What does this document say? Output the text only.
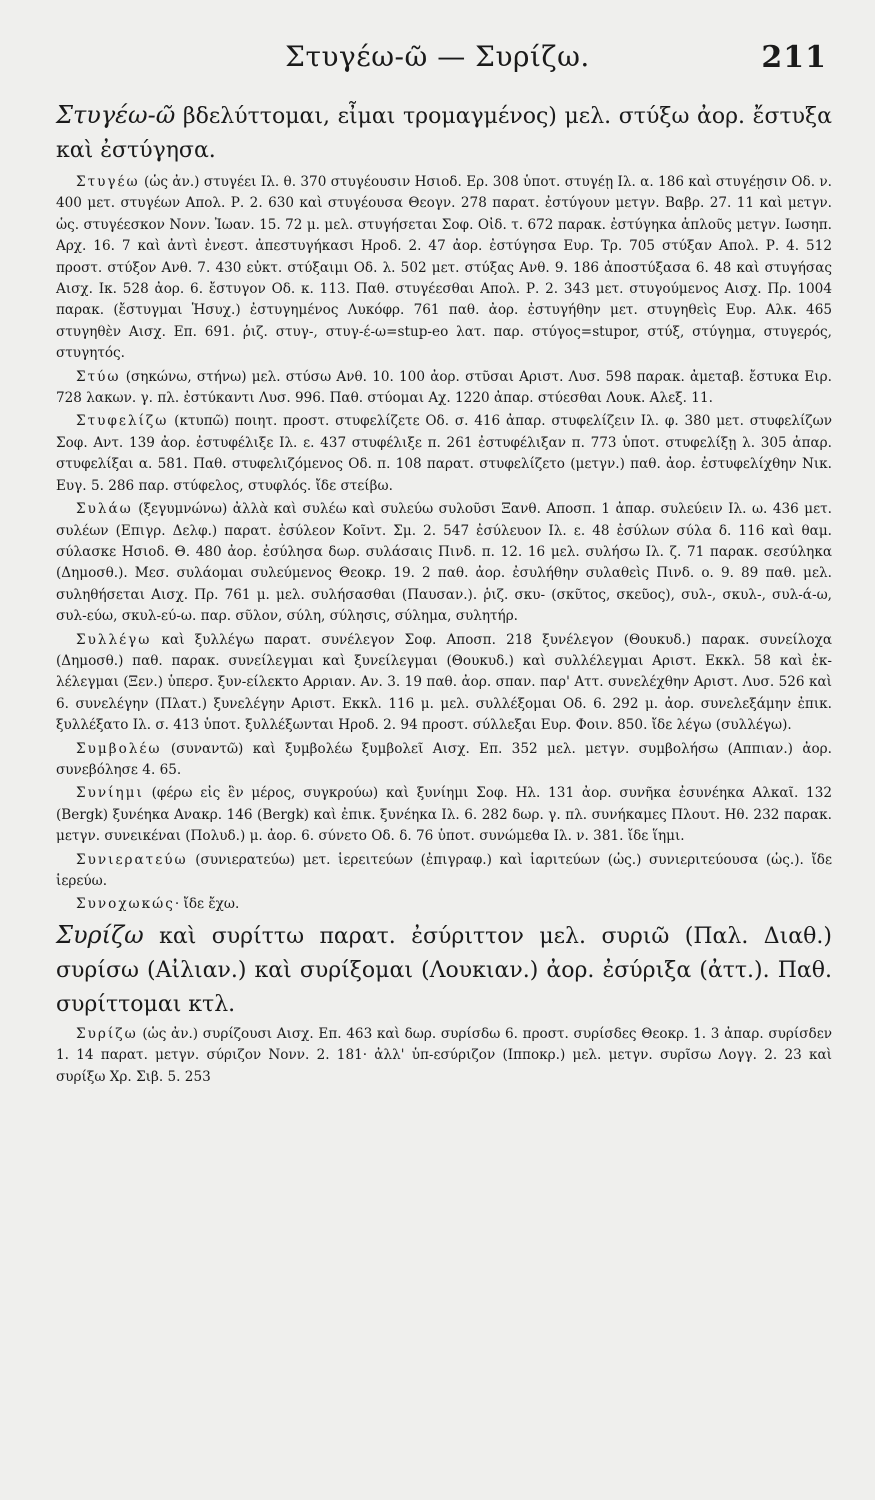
Στυγέω-ῶ — Συρίζω.	211

Στυγέω-ῶ βδελύττομαι, εἶμαι τρομαγμένος) μελ. στύξω ἀορ. ἔστυξα καὶ ἐστύγησα.

Στυγέω (ὡς ἀν.) στυγέει Ιλ. θ. 370 στυγέουσιν Ησιοδ. Ερ. 308 ὑποτ. στυγέῃ Ιλ. α. 186 καὶ στυγέῃσιν Οδ. ν. 400 μετ. στυγέων Απολ. Ρ. 2. 630 καὶ στυγέουσα Θεογν. 278 παρατ. ἐστύγουν μετγν. Βαβρ. 27. 11 καὶ μετγν. ὡς. στυγέεσκον Νονν. Ἰωαν. 15. 72 μ. μελ. στυγήσεται Σοφ. Οἰδ. τ. 672 παρακ. ἐστύγηκα ἁπλοῦς μετγν. Ιωσηπ. Αρχ. 16. 7 καὶ ἀντὶ ἐνεστ. ἀπεστυγήκασι Ηροδ. 2. 47 ἀορ. ἐστύγησα Ευρ. Τρ. 705 στύξαν Απολ. Ρ. 4. 512 προστ. στύξον Ανθ. 7. 430 εὐκτ. στύξαιμι Οδ. λ. 502 μετ. στύξας Ανθ. 9. 186 ἀποστύξασα 6. 48 καὶ στυγήσας Αισχ. Ικ. 528 ἀορ. 6. ἔστυγον Οδ. κ. 113. Παθ. στυγέεσθαι Απολ. Ρ. 2. 343 μετ. στυγούμενος Αισχ. Πρ. 1004 παρακ. (ἔστυγμαι Ἡσυχ.) ἐστυγημένος Λυκόφρ. 761 παθ. ἀορ. ἐστυγήθην μετ. στυγηθεὶς Ευρ. Αλκ. 465 στυγηθὲν Αισχ. Επ. 691. ῥιζ. στυγ-, στυγ-έ-ω=stup-eo λατ. παρ. στύγος=stupor, στύξ, στύγημα, στυγερός, στυγητός.

Στύω (σηκώνω, στήνω) μελ. στύσω Ανθ. 10. 100 ἀορ. στῦσαι Αριστ. Λυσ. 598 παρακ. ἀμεταβ. ἔστυκα Ειρ. 728 λακων. γ. πλ. ἐστύκαντι Λυσ. 996. Παθ. στύομαι Αχ. 1220 ἀπαρ. στύεσθαι Λουκ. Αλεξ. 11.

Στυφελίζω (κτυπῶ) ποιητ. προστ. στυφελίζετε Οδ. σ. 416 ἀπαρ. στυφελίζειν Ιλ. φ. 380 μετ. στυφελίζων Σοφ. Αντ. 139 ἀορ. ἐστυφέλιξε Ιλ. ε. 437 στυφέλιξε π. 261 ἐστυφέλιξαν π. 773 ὑποτ. στυφελίξῃ λ. 305 ἀπαρ. στυφελίξαι α. 581. Παθ. στυφελιζόμενος Οδ. π. 108 παρατ. στυφελίζετο (μετγν.) παθ. ἀορ. ἐστυφελίχθην Νικ. Ευγ. 5. 286 παρ. στύφελος, στυφλός. ἴδε στείβω.

Συλάω (ξεγυμνώνω) ἀλλὰ καὶ συλέω καὶ συλεύω συλοῦσι Ξανθ. Αποσπ. 1 ἀπαρ. συλεύειν Ιλ. ω. 436 μετ. συλέων (Επιγρ. Δελφ.) παρατ. ἐσύλεον Κοῖντ. Σμ. 2. 547 ἐσύλευον Ιλ. ε. 48 ἐσύλων σύλα δ. 116 καὶ θαμ. σύλασκε Ησιοδ. Θ. 480 ἀορ. ἐσύλησα δωρ. συλάσαις Πινδ. π. 12. 16 μελ. συλήσω Ιλ. ζ. 71 παρακ. σεσύληκα (Δημοσθ.). Μεσ. συλάομαι συλεύμενος Θεοκρ. 19. 2 παθ. ἀορ. ἐσυλήθην συλαθεὶς Πινδ. ο. 9. 89 παθ. μελ. συληθήσεται Αισχ. Πρ. 761 μ. μελ. συλήσασθαι (Παυσαν.). ῥιζ. σκυ- (σκῦτος, σκεῦος), συλ-, σκυλ-, συλ-ά-ω, συλ-εύω, σκυλ-εύ-ω. παρ. σῦλον, σύλη, σύλησις, σύλημα, συλητήρ.

Συλλέγω καὶ ξυλλέγω παρατ. συνέλεγον Σοφ. Αποσπ. 218 ξυνέλεγον (Θουκυδ.) παρακ. συνείλοχα (Δημοσθ.) παθ. παρακ. συνείλεγμαι καὶ ξυνείλεγμαι (Θουκυδ.) καὶ συλλέλεγμαι Αριστ. Εκκλ. 58 καὶ ἐκ-λέλεγμαι (Ξεν.) ὑπερσ. ξυν-είλεκτο Αρριαν. Αν. 3. 19 παθ. ἀορ. σπαν. παρ' Αττ. συνελέχθην Αριστ. Λυσ. 526 καὶ 6. συνελέγην (Πλατ.) ξυνελέγην Αριστ. Εκκλ. 116 μ. μελ. συλλέξομαι Οδ. 6. 292 μ. ἀορ. συνελεξάμην ἐπικ. ξυλλέξατο Ιλ. σ. 413 ὑποτ. ξυλλέξωνται Ηροδ. 2. 94 προστ. σύλλεξαι Ευρ. Φοιν. 850. ἴδε λέγω (συλλέγω).

Συμβολέω (συναντῶ) καὶ ξυμβολέω ξυμβολεῖ Αισχ. Επ. 352 μελ. μετγν. συμβολήσω (Αππιαν.) ἀορ. συνεβόλησε 4. 65.

Συνίημι (φέρω εἰς ἓν μέρος, συγκρούω) καὶ ξυνίημι Σοφ. Ηλ. 131 ἀορ. συνῆκα ἐσυνέηκα Αλκαῖ. 132 (Bergk) ξυνέηκα Ανακρ. 146 (Bergk) καὶ ἐπικ. ξυνέηκα Ιλ. 6. 282 δωρ. γ. πλ. συνήκαμες Πλουτ. Ηθ. 232 παρακ. μετγν. συνεικέναι (Πολυδ.) μ. ἀορ. 6. σύνετο Οδ. δ. 76 ὑποτ. συνώμεθα Ιλ. ν. 381. ἴδε ἵημι.

Συνιερατεύω (συνιερατεύω) μετ. ἱερειτεύων (ἐπιγραφ.) καὶ ἱαριτεύων (ὡς.) συνιεριτεύουσα (ὡς.). ἴδε ἱερεύω.

Συνοχωκώς· ἴδε ἔχω.

Συρίζω καὶ συρίττω παρατ. ἐσύριττον μελ. συριῶ (Παλ. Διαθ.) συρίσω (Αἰλιαν.) καὶ συρίξομαι (Λουκιαν.) ἀορ. ἐσύριξα (ἀττ.). Παθ. συρίττομαι κτλ.

Συρίζω (ὡς ἀν.) συρίζουσι Αισχ. Επ. 463 καὶ δωρ. συρίσδω 6. προστ. συρίσδες Θεοκρ. 1. 3 ἀπαρ. συρίσδεν 1. 14 παρατ. μετγν. σύριζον Νονν. 2. 181· ἀλλ' ὑπ-εσύριζον (Ιπποκρ.) μελ. μετγν. συρῖσω Λογγ. 2. 23 καὶ συρίξω Χρ. Σιβ. 5. 253
